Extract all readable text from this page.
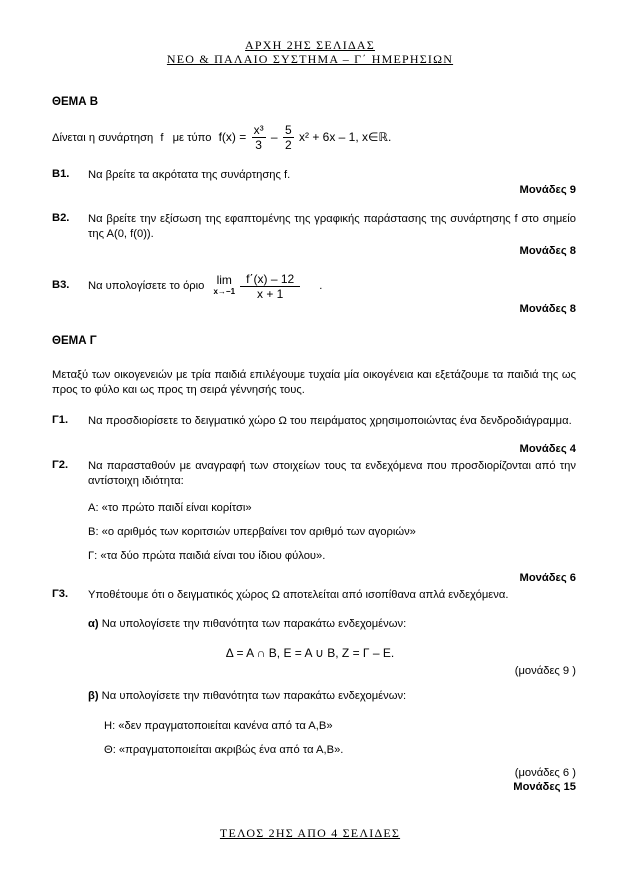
ΑΡΧΗ 2ΗΣ ΣΕΛΙΔΑΣ
ΝΕΟ & ΠΑΛΑΙΟ ΣΥΣΤΗΜΑ – Γ΄ ΗΜΕΡΗΣΙΩΝ
ΘΕΜΑ Β
Δίνεται η συνάρτηση f με τύπο $f(x) = \frac{\text{x³}}{3} - \frac{5}{2} x^2 + 6x - 1$, x∈ℝ.
Β1. Να βρείτε τα ακρότατα της συνάρτησης f.
Μονάδες 9
Β2. Να βρείτε την εξίσωση της εφαπτομένης της γραφικής παράστασης της συνάρτησης f στο σημείο της Α(0, f(0)).
Μονάδες 8
Β3. Να υπολογίσετε το όριο lim
x→−1
$\frac{f΄(x) - 12}{x + 1}$ .
Μονάδες 8
ΘΕΜΑ Γ
Μεταξύ των οικογενειών με τρία παιδιά επιλέγουμε τυχαία μία οικογένεια και εξετάζουμε τα παιδιά της ως προς το φύλο και ως προς τη σειρά γέννησής τους.
Γ1. Να προσδιορίσετε το δειγματικό χώρο Ω του πειράματος χρησιμοποιώντας ένα δενδροδιάγραμμα.
Μονάδες 4
Γ2. Να παρασταθούν με αναγραφή των στοιχείων τους τα ενδεχόμενα που προσδιορίζονται από την αντίστοιχη ιδιότητα:
Α: «το πρώτο παιδί είναι κορίτσι»
Β: «ο αριθμός των κοριτσιών υπερβαίνει τον αριθμό των αγοριών»
Γ: «τα δύο πρώτα παιδιά είναι του ίδιου φύλου».
Μονάδες 6
Γ3. Υποθέτουμε ότι ο δειγματικός χώρος Ω αποτελείται από ισοπίθανα απλά ενδεχόμενα.
α) Να υπολογίσετε την πιθανότητα των παρακάτω ενδεχομένων:
Δ = Α ∩ Β, Ε = Α ∪ Β, Ζ = Γ – Ε.
(μονάδες 9 )
β) Να υπολογίσετε την πιθανότητα των παρακάτω ενδεχομένων:
Η: «δεν πραγματοποιείται κανένα από τα Α,Β»
Θ: «πραγματοποιείται ακριβώς ένα από τα Α,Β».
(μονάδες 6 )
Μονάδες 15
ΤΕΛΟΣ 2ΗΣ ΑΠΟ 4 ΣΕΛΙΔΕΣ
